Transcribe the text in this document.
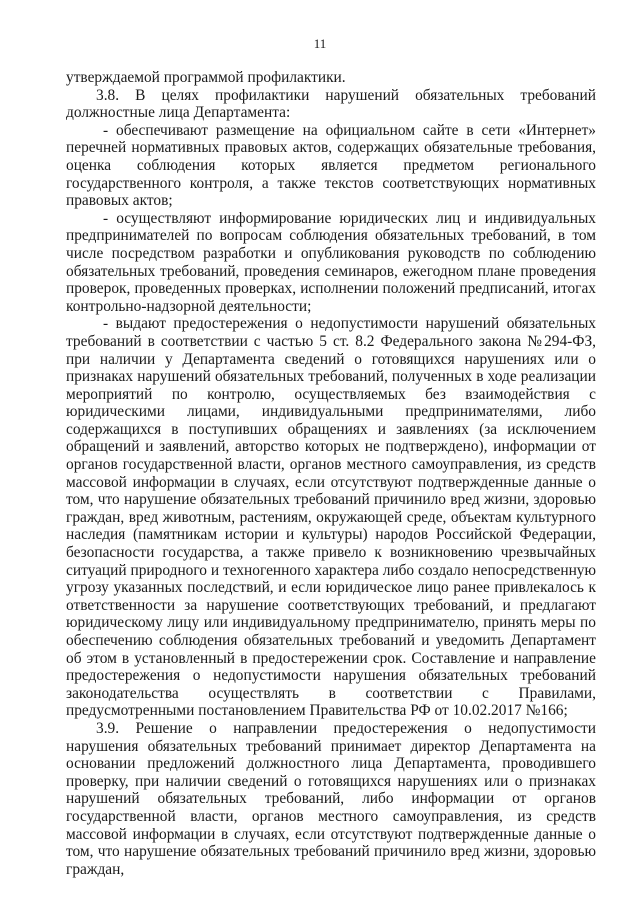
11

утверждаемой программой профилактики.

3.8. В целях профилактики нарушений обязательных требований должностные лица Департамента:

- обеспечивают размещение на официальном сайте в сети «Интернет» перечней нормативных правовых актов, содержащих обязательные требования, оценка соблюдения которых является предметом регионального государственного контроля, а также текстов соответствующих нормативных правовых актов;

- осуществляют информирование юридических лиц и индивидуальных предпринимателей по вопросам соблюдения обязательных требований, в том числе посредством разработки и опубликования руководств по соблюдению обязательных требований, проведения семинаров, ежегодном плане проведения проверок, проведенных проверках, исполнении положений предписаний, итогах контрольно-надзорной деятельности;

- выдают предостережения о недопустимости нарушений обязательных требований в соответствии с частью 5 ст. 8.2 Федерального закона №294-ФЗ, при наличии у Департамента сведений о готовящихся нарушениях или о признаках нарушений обязательных требований, полученных в ходе реализации мероприятий по контролю, осуществляемых без взаимодействия с юридическими лицами, индивидуальными предпринимателями, либо содержащихся в поступивших обращениях и заявлениях (за исключением обращений и заявлений, авторство которых не подтверждено), информации от органов государственной власти, органов местного самоуправления, из средств массовой информации в случаях, если отсутствуют подтвержденные данные о том, что нарушение обязательных требований причинило вред жизни, здоровью граждан, вред животным, растениям, окружающей среде, объектам культурного наследия (памятникам истории и культуры) народов Российской Федерации, безопасности государства, а также привело к возникновению чрезвычайных ситуаций природного и техногенного характера либо создало непосредственную угрозу указанных последствий, и если юридическое лицо ранее привлекалось к ответственности за нарушение соответствующих требований, и предлагают юридическому лицу или индивидуальному предпринимателю, принять меры по обеспечению соблюдения обязательных требований и уведомить Департамент об этом в установленный в предостережении срок. Составление и направление предостережения о недопустимости нарушения обязательных требований законодательства осуществлять в соответствии с Правилами, предусмотренными постановлением Правительства РФ от 10.02.2017 №166;

3.9. Решение о направлении предостережения о недопустимости нарушения обязательных требований принимает директор Департамента на основании предложений должностного лица Департамента, проводившего проверку, при наличии сведений о готовящихся нарушениях или о признаках нарушений обязательных требований, либо информации от органов государственной власти, органов местного самоуправления, из средств массовой информации в случаях, если отсутствуют подтвержденные данные о том, что нарушение обязательных требований причинило вред жизни, здоровью граждан,
